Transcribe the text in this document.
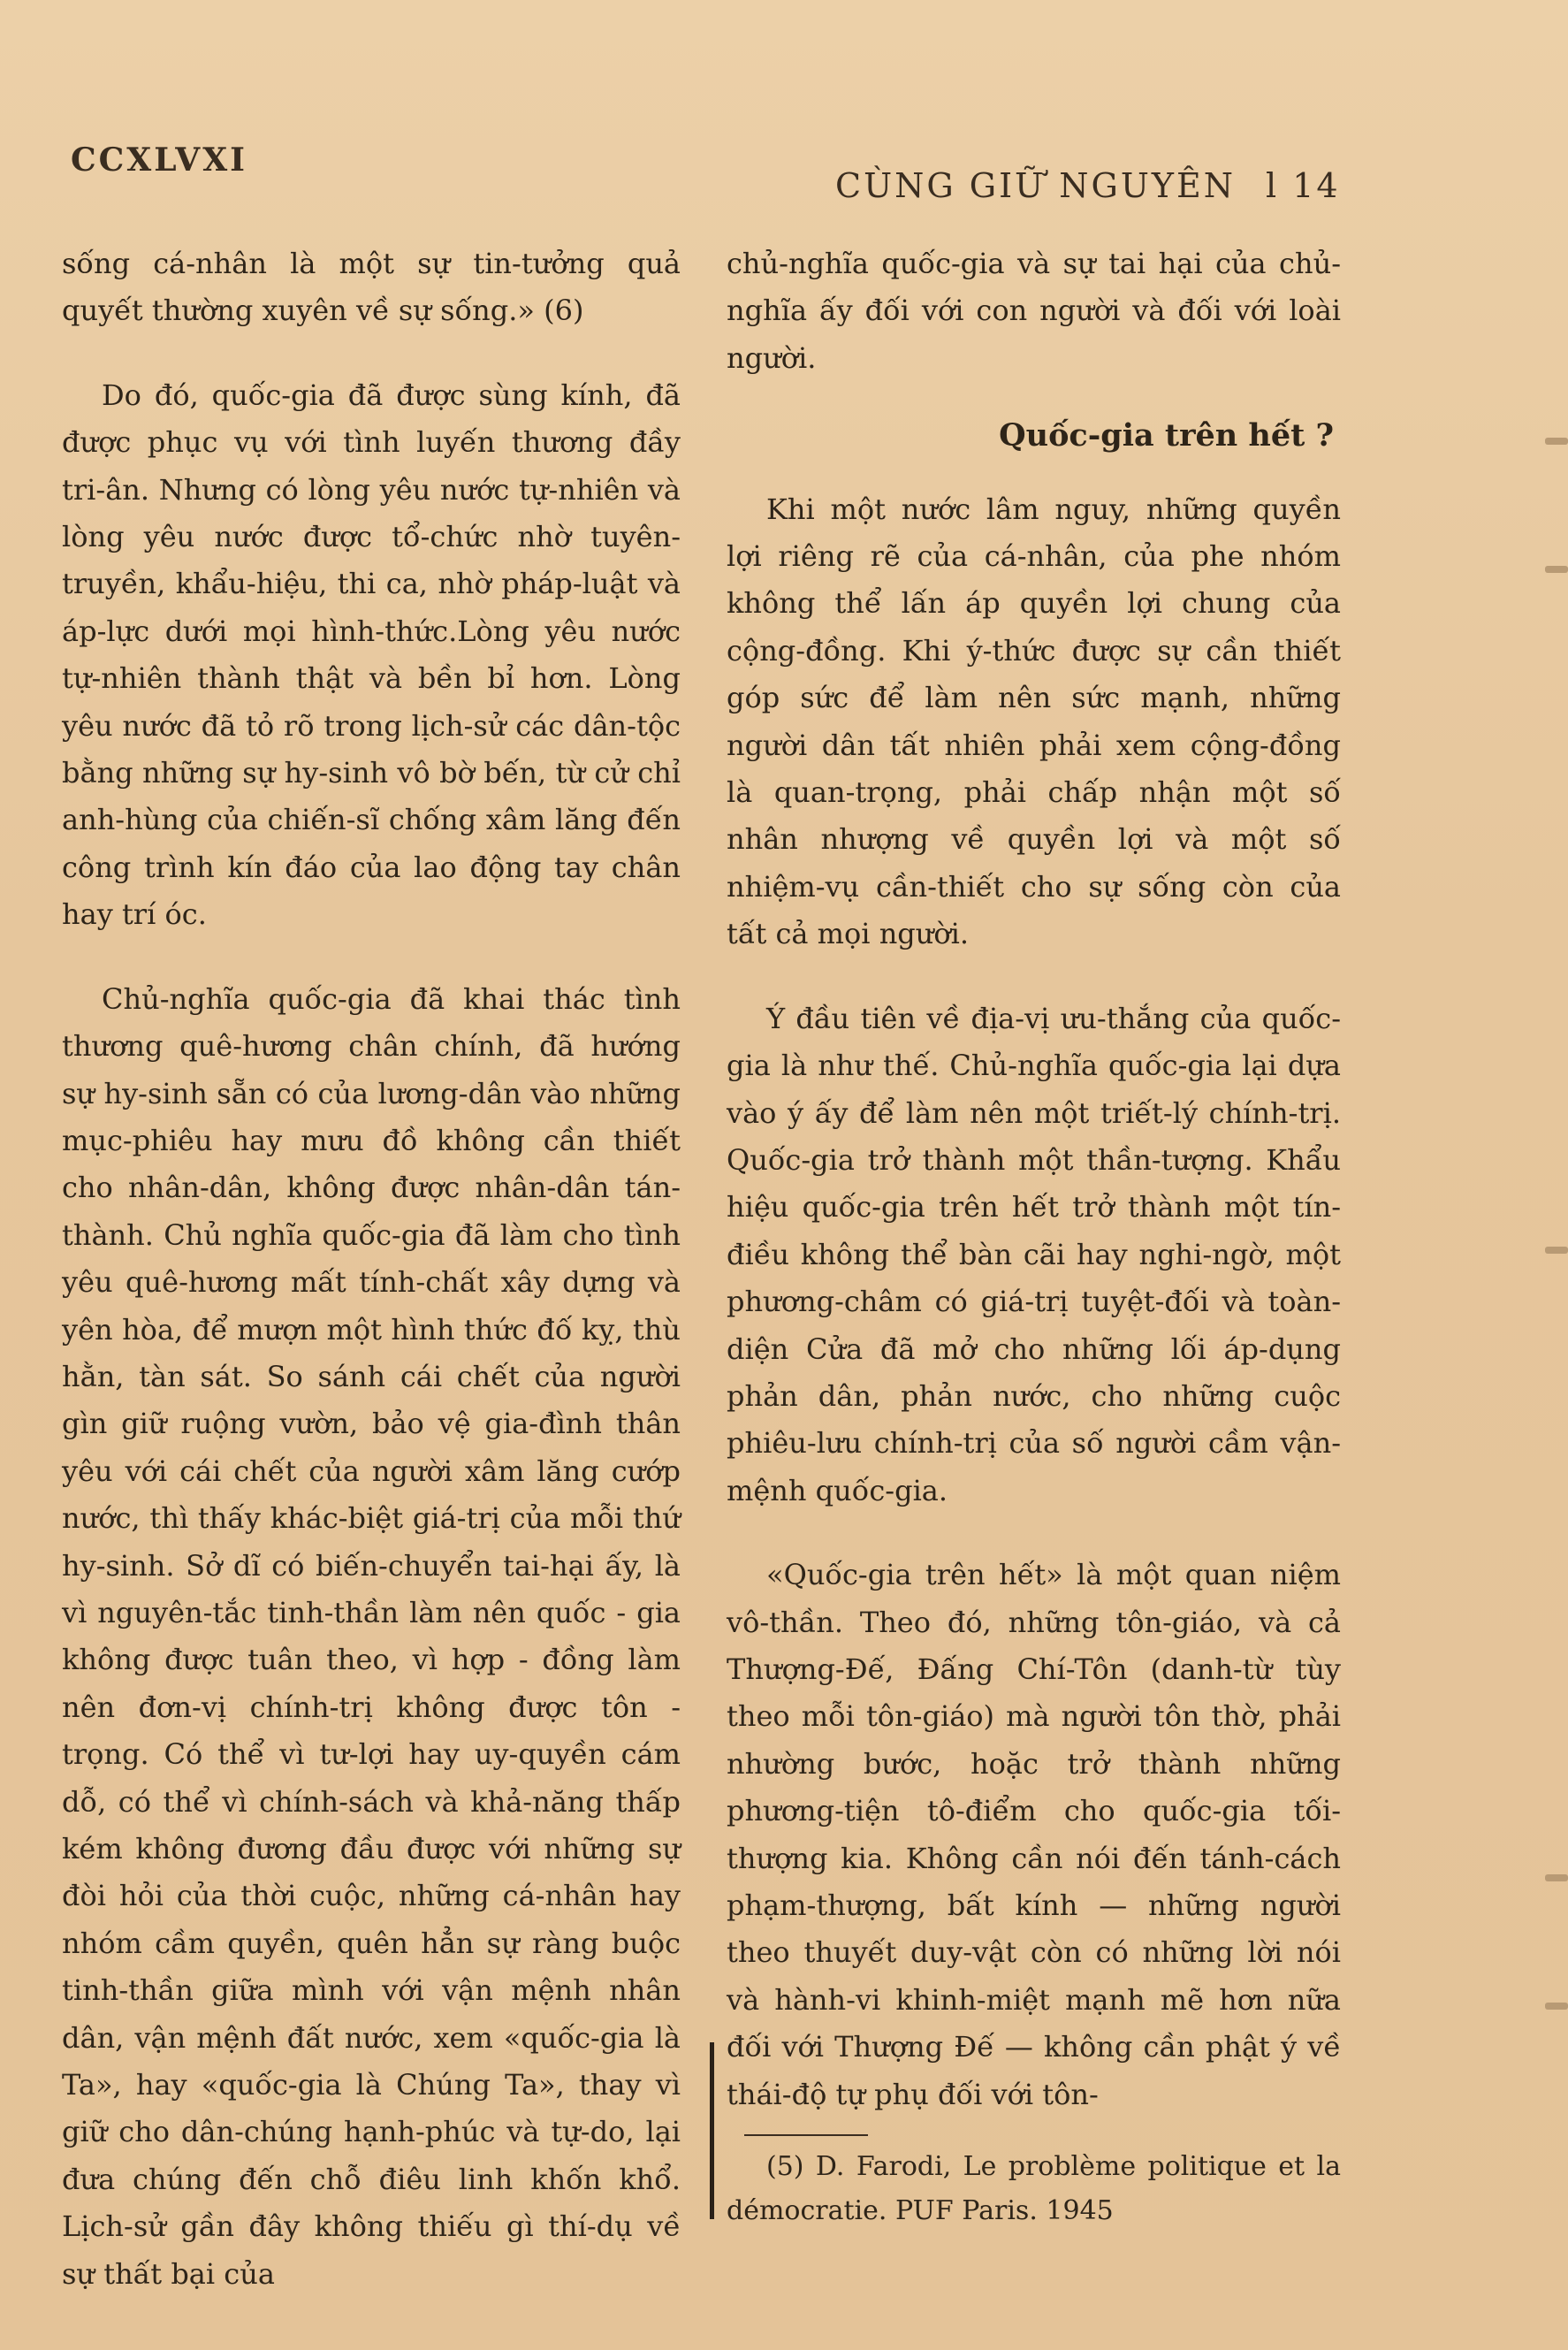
CCXLVXI
CÙNG GIỮ NGUYÊN l 14

sống cá-nhân là một sự tin-tưởng quả quyết thường xuyên về sự sống.» (6)

Do đó, quốc-gia đã được sùng kính, đã được phục vụ với tình luyến thương đầy tri-ân. Nhưng có lòng yêu nước tự-nhiên và lòng yêu nước được tổ-chức nhờ tuyên-truyền, khẩu-hiệu, thi ca, nhờ pháp-luật và áp-lực dưới mọi hình-thức.Lòng yêu nước tự-nhiên thành thật và bền bỉ hơn. Lòng yêu nước đã tỏ rõ trong lịch-sử các dân-tộc bằng những sự hy-sinh vô bờ bến, từ cử chỉ anh-hùng của chiến-sĩ chống xâm lăng đến công trình kín đáo của lao động tay chân hay trí óc.

Chủ-nghĩa quốc-gia đã khai thác tình thương quê-hương chân chính, đã hướng sự hy-sinh sẵn có của lương-dân vào những mục-phiêu hay mưu đồ không cần thiết cho nhân-dân, không được nhân-dân tán-thành. Chủ nghĩa quốc-gia đã làm cho tình yêu quê-hương mất tính-chất xây dựng và yên hòa, để mượn một hình thức đố kỵ, thù hằn, tàn sát. So sánh cái chết của người gìn giữ ruộng vườn, bảo vệ gia-đình thân yêu với cái chết của người xâm lăng cướp nước, thì thấy khác-biệt giá-trị của mỗi thứ hy-sinh. Sở dĩ có biến-chuyển tai-hại ấy, là vì nguyên-tắc tinh-thần làm nên quốc - gia không được tuân theo, vì hợp - đồng làm nên đơn-vị chính-trị không được tôn - trọng. Có thể vì tư-lợi hay uy-quyền cám dỗ, có thể vì chính-sách và khả-năng thấp kém không đương đầu được với những sự đòi hỏi của thời cuộc, những cá-nhân hay nhóm cầm quyền, quên hẳn sự ràng buộc tinh-thần giữa mình với vận mệnh nhân dân, vận mệnh đất nước, xem «quốc-gia là Ta», hay «quốc-gia là Chúng Ta», thay vì giữ cho dân-chúng hạnh-phúc và tự-do, lại đưa chúng đến chỗ điêu linh khốn khổ. Lịch-sử gần đây không thiếu gì thí-dụ về sự thất bại của

chủ-nghĩa quốc-gia và sự tai hại của chủ-nghĩa ấy đối với con người và đối với loài người.

Quốc-gia trên hết ?

Khi một nước lâm nguy, những quyền lợi riêng rẽ của cá-nhân, của phe nhóm không thể lấn áp quyền lợi chung của cộng-đồng. Khi ý-thức được sự cần thiết góp sức để làm nên sức mạnh, những người dân tất nhiên phải xem cộng-đồng là quan-trọng, phải chấp nhận một số nhân nhượng về quyền lợi và một số nhiệm-vụ cần-thiết cho sự sống còn của tất cả mọi người.

Ý đầu tiên về địa-vị ưu-thắng của quốc-gia là như thế. Chủ-nghĩa quốc-gia lại dựa vào ý ấy để làm nên một triết-lý chính-trị. Quốc-gia trở thành một thần-tượng. Khẩu hiệu quốc-gia trên hết trở thành một tín-điều không thể bàn cãi hay nghi-ngờ, một phương-châm có giá-trị tuyệt-đối và toàn-diện Cửa đã mở cho những lối áp-dụng phản dân, phản nước, cho những cuộc phiêu-lưu chính-trị của số người cầm vận-mệnh quốc-gia.

«Quốc-gia trên hết» là một quan niệm vô-thần. Theo đó, những tôn-giáo, và cả Thượng-Đế, Đấng Chí-Tôn (danh-từ tùy theo mỗi tôn-giáo) mà người tôn thờ, phải nhường bước, hoặc trở thành những phương-tiện tô-điểm cho quốc-gia tối-thượng kia. Không cần nói đến tánh-cách phạm-thượng, bất kính — những người theo thuyết duy-vật còn có những lời nói và hành-vi khinh-miệt mạnh mẽ hơn nữa đối với Thượng Đế — không cần phật ý về thái-độ tự phụ đối với tôn-

(5) D. Farodi, Le problème politique et la démocratie. PUF Paris. 1945
